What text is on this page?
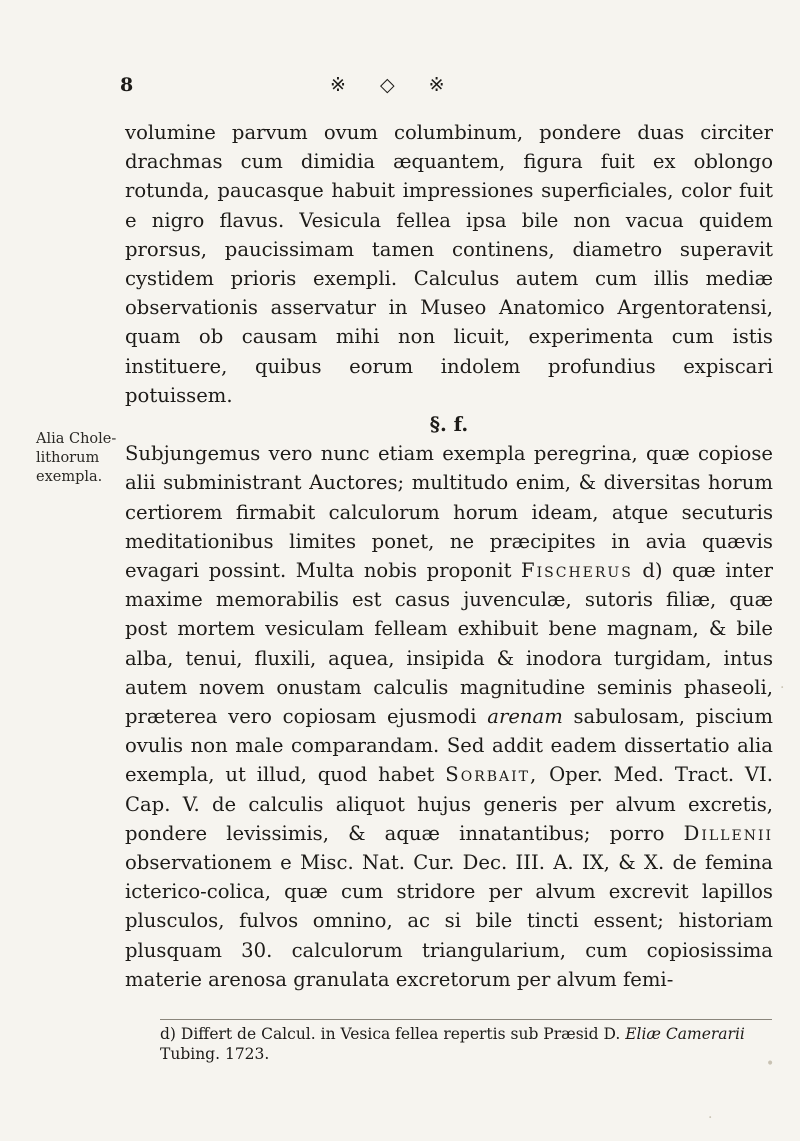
8	※ ◇ ※
Alia Chole-lithorum exempla.

volumine parvum ovum columbinum, pondere duas circiter drachmas cum dimidia æquantem, figura fuit ex oblongo rotunda, paucasque habuit impressiones superficiales, color fuit e nigro flavus. Vesicula fellea ipsa bile non vacua quidem prorsus, paucissimam tamen continens, diametro superavit cystidem prioris exempli. Calculus autem cum illis mediæ observationis asservatur in Museo Anatomico Argentoratensi, quam ob causam mihi non licuit, experimenta cum istis instituere, quibus eorum indolem profundius expiscari potuissem.

§. f.

Subjungemus vero nunc etiam exempla peregrina, quæ copiose alii subministrant Auctores; multitudo enim, & diversitas horum certiorem firmabit calculorum horum ideam, atque secuturis meditationibus limites ponet, ne præcipites in avia quævis evagari possint. Multa nobis proponit Fischerus d) quæ inter maxime memorabilis est casus juvenculæ, sutoris filiæ, quæ post mortem vesiculam felleam exhibuit bene magnam, & bile alba, tenui, fluxili, aquea, insipida & inodora turgidam, intus autem novem onustam calculis magnitudine seminis phaseoli, præterea vero copiosam ejusmodi arenam sabulosam, piscium ovulis non male comparandam. Sed addit eadem dissertatio alia exempla, ut illud, quod habet Sorbait, Oper. Med. Tract. VI. Cap. V. de calculis aliquot hujus generis per alvum excretis, pondere levissimis, & aquæ innatantibus; porro Dillenii observationem e Misc. Nat. Cur. Dec. III. A. IX, & X. de femina icterico-colica, quæ cum stridore per alvum excrevit lapillos plusculos, fulvos omnino, ac si bile tincti essent; historiam plusquam 30. calculorum triangularium, cum copiosissima materie arenosa granulata excretorum per alvum femi-

d) Differt de Calcul. in Vesica fellea repertis sub Præsid D. Eliæ Camerarii
Tubing. 1723.
·
•
·
